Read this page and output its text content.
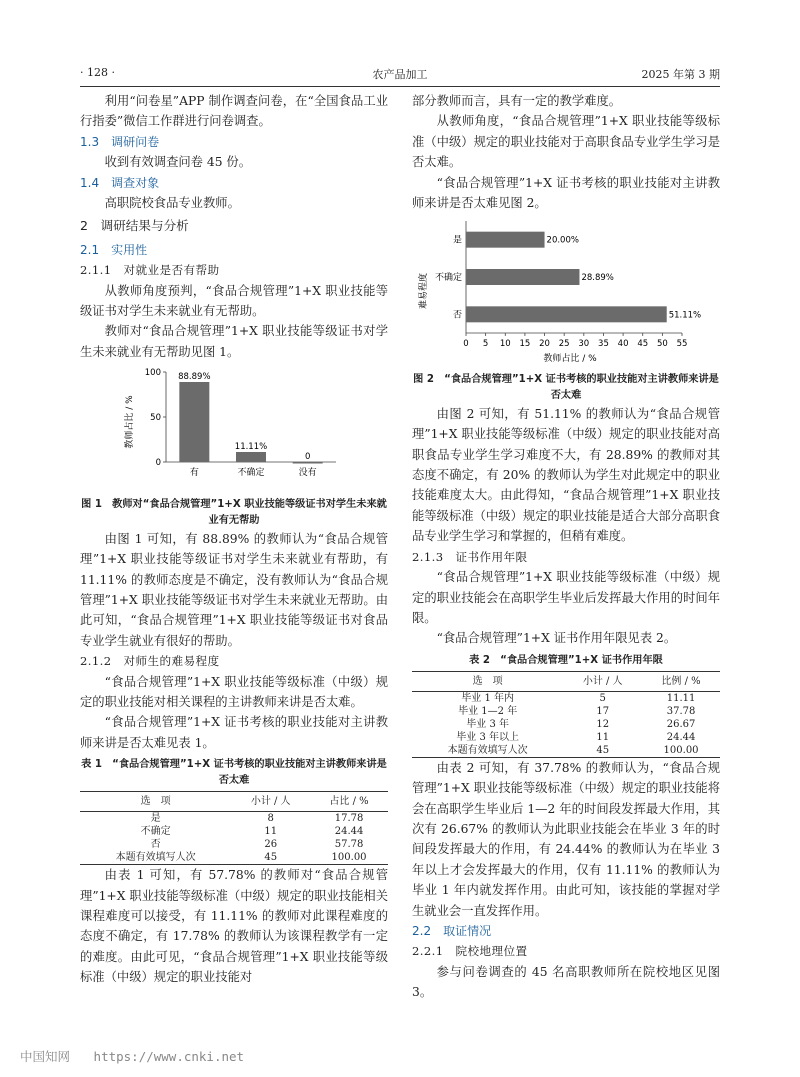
· 128 ·	农产品加工	2025 年第 3 期

利用“问卷星”APP 制作调查问卷，在“全国食品工业行指委”微信工作群进行问卷调查。

1.3　调研问卷

收到有效调查问卷 45 份。

1.4　调查对象

高职院校食品专业教师。

2　调研结果与分析
2.1　实用性
2.1.1　对就业是否有帮助

从教师角度预判，“食品合规管理”1+X 职业技能等级证书对学生未来就业有无帮助。

教师对“食品合规管理”1+X 职业技能等级证书对学生未来就业有无帮助见图 1。

教师占比 / %
0
50
100 88.89%
有
11.11%
不确定
0
没有
图 1　教师对“食品合规管理”1+X 职业技能等级证书对学生未来就业有无帮助

由图 1 可知，有 88.89% 的教师认为“食品合规管理”1+X 职业技能等级证书对学生未来就业有帮助，有 11.11% 的教师态度是不确定，没有教师认为“食品合规管理”1+X 职业技能等级证书对学生未来就业无帮助。由此可知，“食品合规管理”1+X 职业技能等级证书对食品专业学生就业有很好的帮助。

2.1.2　对师生的难易程度

“食品合规管理”1+X 职业技能等级标准（中级）规定的职业技能对相关课程的主讲教师来讲是否太难。

“食品合规管理”1+X 证书考核的职业技能对主讲教师来讲是否太难见表 1。

表 1　“食品合规管理”1+X 证书考核的职业技能对主讲教师来讲是否太难
选　项	小计 / 人	占比 / %
是	8	17.78
不确定	11	24.44
否	26	57.78
本题有效填写人次	45	100.00

由表 1 可知，有 57.78% 的教师对“食品合规管理”1+X 职业技能等级标准（中级）规定的职业技能相关课程难度可以接受，有 11.11% 的教师对此课程难度的态度不确定，有 17.78% 的教师认为该课程教学有一定的难度。由此可见，“食品合规管理”1+X 职业技能等级标准（中级）规定的职业技能对

部分教师而言，具有一定的教学难度。

从教师角度，“食品合规管理”1+X 职业技能等级标准（中级）规定的职业技能对于高职食品专业学生学习是否太难。

“食品合规管理”1+X 证书考核的职业技能对主讲教师来讲是否太难见图 2。

难易程度
教师占比 / %
0 5 10 15 20 25 30 35 40 45 50 55
20.00%
是
28.89%
不确定
51.11%
否
图 2　“食品合规管理”1+X 证书考核的职业技能对主讲教师来讲是否太难

由图 2 可知，有 51.11% 的教师认为“食品合规管理”1+X 职业技能等级标准（中级）规定的职业技能对高职食品专业学生学习难度不大，有 28.89% 的教师对其态度不确定，有 20% 的教师认为学生对此规定中的职业技能难度太大。由此得知，“食品合规管理”1+X 职业技能等级标准（中级）规定的职业技能是适合大部分高职食品专业学生学习和掌握的，但稍有难度。

2.1.3　证书作用年限

“食品合规管理”1+X 职业技能等级标准（中级）规定的职业技能会在高职学生毕业后发挥最大作用的时间年限。

“食品合规管理”1+X 证书作用年限见表 2。

表 2　“食品合规管理”1+X 证书作用年限
选　项	小计 / 人	比例 / %
毕业 1 年内	5	11.11
毕业 1—2 年	17	37.78
毕业 3 年	12	26.67
毕业 3 年以上	11	24.44
本题有效填写人次	45	100.00

由表 2 可知，有 37.78% 的教师认为，“食品合规管理”1+X 职业技能等级标准（中级）规定的职业技能将会在高职学生毕业后 1—2 年的时间段发挥最大作用，其次有 26.67% 的教师认为此职业技能会在毕业 3 年的时间段发挥最大的作用，有 24.44% 的教师认为在毕业 3 年以上才会发挥最大的作用，仅有 11.11% 的教师认为毕业 1 年内就发挥作用。由此可知，该技能的掌握对学生就业会一直发挥作用。

2.2　取证情况
2.2.1　院校地理位置

参与问卷调查的 45 名高职教师所在院校地区见图 3。

中国知网 https://www.cnki.net
